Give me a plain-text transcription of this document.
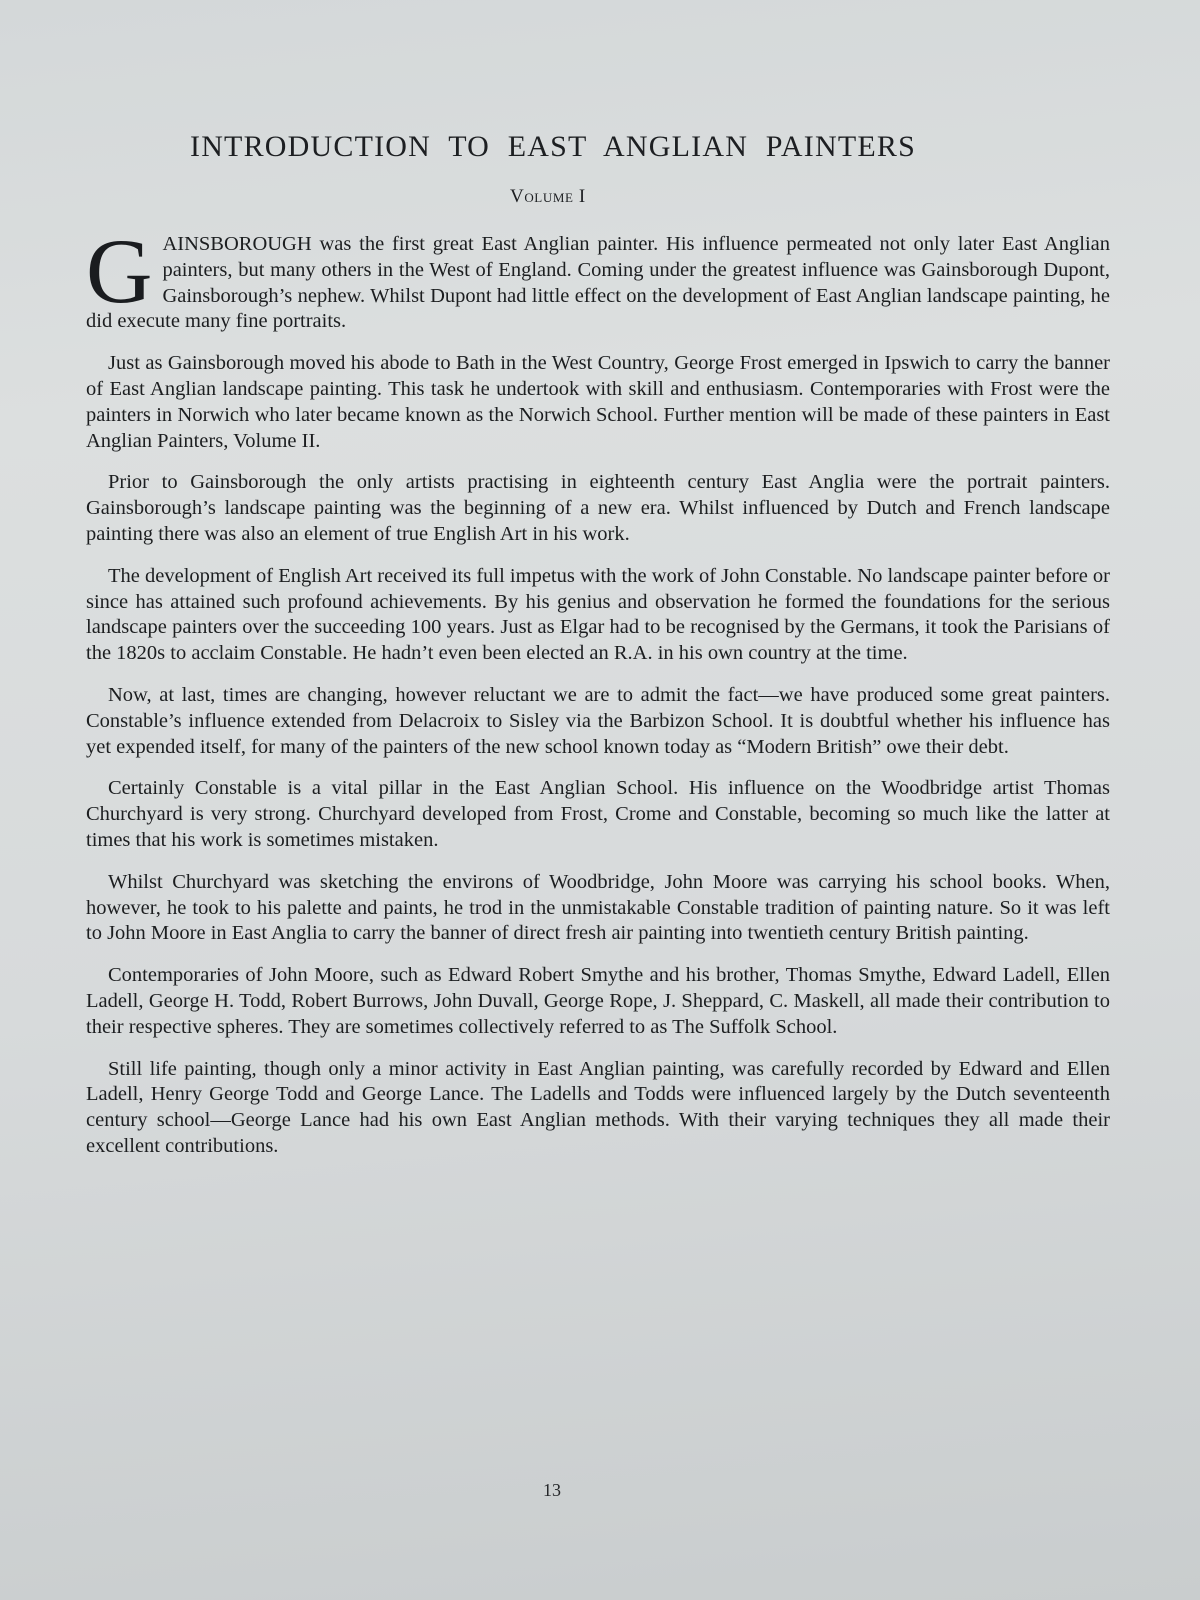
INTRODUCTION TO EAST ANGLIAN PAINTERS
Volume I

GAINSBOROUGH was the first great East Anglian painter. His influence permeated not only later East Anglian painters, but many others in the West of England. Coming under the greatest influence was Gainsborough Dupont, Gainsborough’s nephew. Whilst Dupont had little effect on the development of East Anglian landscape painting, he did execute many fine portraits.

Just as Gainsborough moved his abode to Bath in the West Country, George Frost emerged in Ipswich to carry the banner of East Anglian landscape painting. This task he undertook with skill and enthusiasm. Contemporaries with Frost were the painters in Norwich who later became known as the Norwich School. Further mention will be made of these painters in East Anglian Painters, Volume II.

Prior to Gainsborough the only artists practising in eighteenth century East Anglia were the portrait painters. Gainsborough’s landscape painting was the beginning of a new era. Whilst influenced by Dutch and French landscape painting there was also an element of true English Art in his work.

The development of English Art received its full impetus with the work of John Constable. No landscape painter before or since has attained such profound achievements. By his genius and observation he formed the foundations for the serious landscape painters over the succeeding 100 years. Just as Elgar had to be recognised by the Germans, it took the Parisians of the 1820s to acclaim Constable. He hadn’t even been elected an R.A. in his own country at the time.

Now, at last, times are changing, however reluctant we are to admit the fact—we have produced some great painters. Constable’s influence extended from Delacroix to Sisley via the Barbizon School. It is doubtful whether his influence has yet expended itself, for many of the painters of the new school known today as “Modern British” owe their debt.

Certainly Constable is a vital pillar in the East Anglian School. His influence on the Woodbridge artist Thomas Churchyard is very strong. Churchyard developed from Frost, Crome and Constable, becoming so much like the latter at times that his work is sometimes mistaken.

Whilst Churchyard was sketching the environs of Woodbridge, John Moore was carrying his school books. When, however, he took to his palette and paints, he trod in the unmistakable Constable tradition of painting nature. So it was left to John Moore in East Anglia to carry the banner of direct fresh air painting into twentieth century British painting.

Contemporaries of John Moore, such as Edward Robert Smythe and his brother, Thomas Smythe, Edward Ladell, Ellen Ladell, George H. Todd, Robert Burrows, John Duvall, George Rope, J. Sheppard, C. Maskell, all made their contribution to their respective spheres. They are sometimes collectively referred to as The Suffolk School.

Still life painting, though only a minor activity in East Anglian painting, was carefully recorded by Edward and Ellen Ladell, Henry George Todd and George Lance. The Ladells and Todds were influenced largely by the Dutch seventeenth century school—George Lance had his own East Anglian methods. With their varying techniques they all made their excellent contributions.

13
